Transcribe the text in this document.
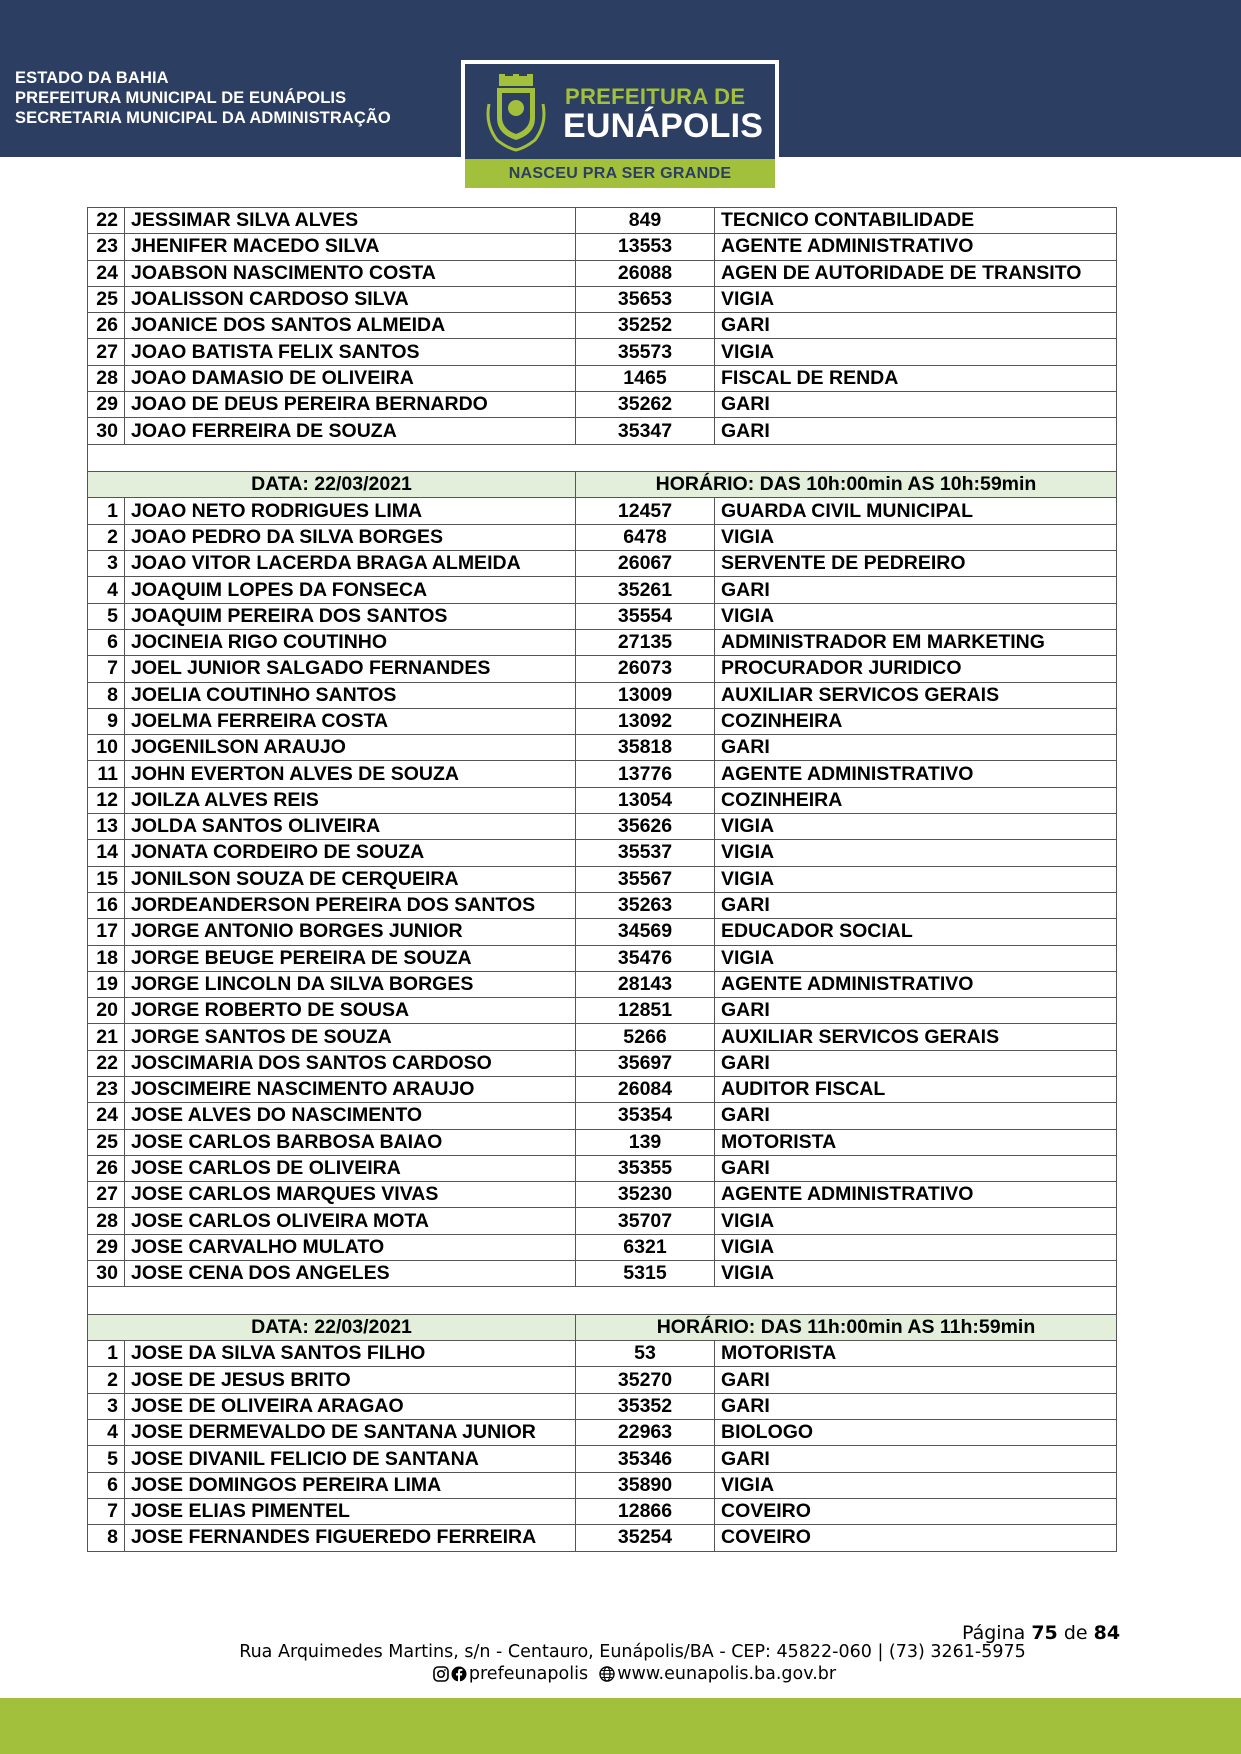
ESTADO DA BAHIA
PREFEITURA MUNICIPAL DE EUNÁPOLIS
SECRETARIA MUNICIPAL DA ADMINISTRAÇÃO
PREFEITURA DE
EUNÁPOLIS
NASCEU PRA SER GRANDE
22	JESSIMAR SILVA ALVES	849	TECNICO CONTABILIDADE
23	JHENIFER MACEDO SILVA	13553	AGENTE ADMINISTRATIVO
24	JOABSON NASCIMENTO COSTA	26088	AGEN DE AUTORIDADE DE TRANSITO
25	JOALISSON CARDOSO SILVA	35653	VIGIA
26	JOANICE DOS SANTOS ALMEIDA	35252	GARI
27	JOAO BATISTA FELIX SANTOS	35573	VIGIA
28	JOAO DAMASIO DE OLIVEIRA	1465	FISCAL DE RENDA
29	JOAO DE DEUS PEREIRA BERNARDO	35262	GARI
30	JOAO FERREIRA DE SOUZA	35347	GARI

DATA: 22/03/2021		HORÁRIO: DAS 10h:00min AS 10h:59min	
1	JOAO NETO RODRIGUES LIMA	12457	GUARDA CIVIL MUNICIPAL
2	JOAO PEDRO DA SILVA BORGES	6478	VIGIA
3	JOAO VITOR LACERDA BRAGA ALMEIDA	26067	SERVENTE DE PEDREIRO
4	JOAQUIM LOPES DA FONSECA	35261	GARI
5	JOAQUIM PEREIRA DOS SANTOS	35554	VIGIA
6	JOCINEIA RIGO COUTINHO	27135	ADMINISTRADOR EM MARKETING
7	JOEL JUNIOR SALGADO FERNANDES	26073	PROCURADOR JURIDICO
8	JOELIA COUTINHO SANTOS	13009	AUXILIAR SERVICOS GERAIS
9	JOELMA FERREIRA COSTA	13092	COZINHEIRA
10	JOGENILSON ARAUJO	35818	GARI
11	JOHN EVERTON ALVES DE SOUZA	13776	AGENTE ADMINISTRATIVO
12	JOILZA ALVES REIS	13054	COZINHEIRA
13	JOLDA SANTOS OLIVEIRA	35626	VIGIA
14	JONATA CORDEIRO DE SOUZA	35537	VIGIA
15	JONILSON SOUZA DE CERQUEIRA	35567	VIGIA
16	JORDEANDERSON PEREIRA DOS SANTOS	35263	GARI
17	JORGE ANTONIO BORGES JUNIOR	34569	EDUCADOR SOCIAL
18	JORGE BEUGE PEREIRA DE SOUZA	35476	VIGIA
19	JORGE LINCOLN DA SILVA BORGES	28143	AGENTE ADMINISTRATIVO
20	JORGE ROBERTO DE SOUSA	12851	GARI
21	JORGE SANTOS DE SOUZA	5266	AUXILIAR SERVICOS GERAIS
22	JOSCIMARIA DOS SANTOS CARDOSO	35697	GARI
23	JOSCIMEIRE NASCIMENTO ARAUJO	26084	AUDITOR FISCAL
24	JOSE ALVES DO NASCIMENTO	35354	GARI
25	JOSE CARLOS BARBOSA BAIAO	139	MOTORISTA
26	JOSE CARLOS DE OLIVEIRA	35355	GARI
27	JOSE CARLOS MARQUES VIVAS	35230	AGENTE ADMINISTRATIVO
28	JOSE CARLOS OLIVEIRA MOTA	35707	VIGIA
29	JOSE CARVALHO MULATO	6321	VIGIA
30	JOSE CENA DOS ANGELES	5315	VIGIA

DATA: 22/03/2021		HORÁRIO: DAS 11h:00min AS 11h:59min	
1	JOSE DA SILVA SANTOS FILHO	53	MOTORISTA
2	JOSE DE JESUS BRITO	35270	GARI
3	JOSE DE OLIVEIRA ARAGAO	35352	GARI
4	JOSE DERMEVALDO DE SANTANA JUNIOR	22963	BIOLOGO
5	JOSE DIVANIL FELICIO DE SANTANA	35346	GARI
6	JOSE DOMINGOS PEREIRA LIMA	35890	VIGIA
7	JOSE ELIAS PIMENTEL	12866	COVEIRO
8	JOSE FERNANDES FIGUEREDO FERREIRA	35254	COVEIRO
Página 75 de 84
Rua Arquimedes Martins, s/n - Centauro, Eunápolis/BA - CEP: 45822-060 | (73) 3261-5975
prefeunapolis www.eunapolis.ba.gov.br
